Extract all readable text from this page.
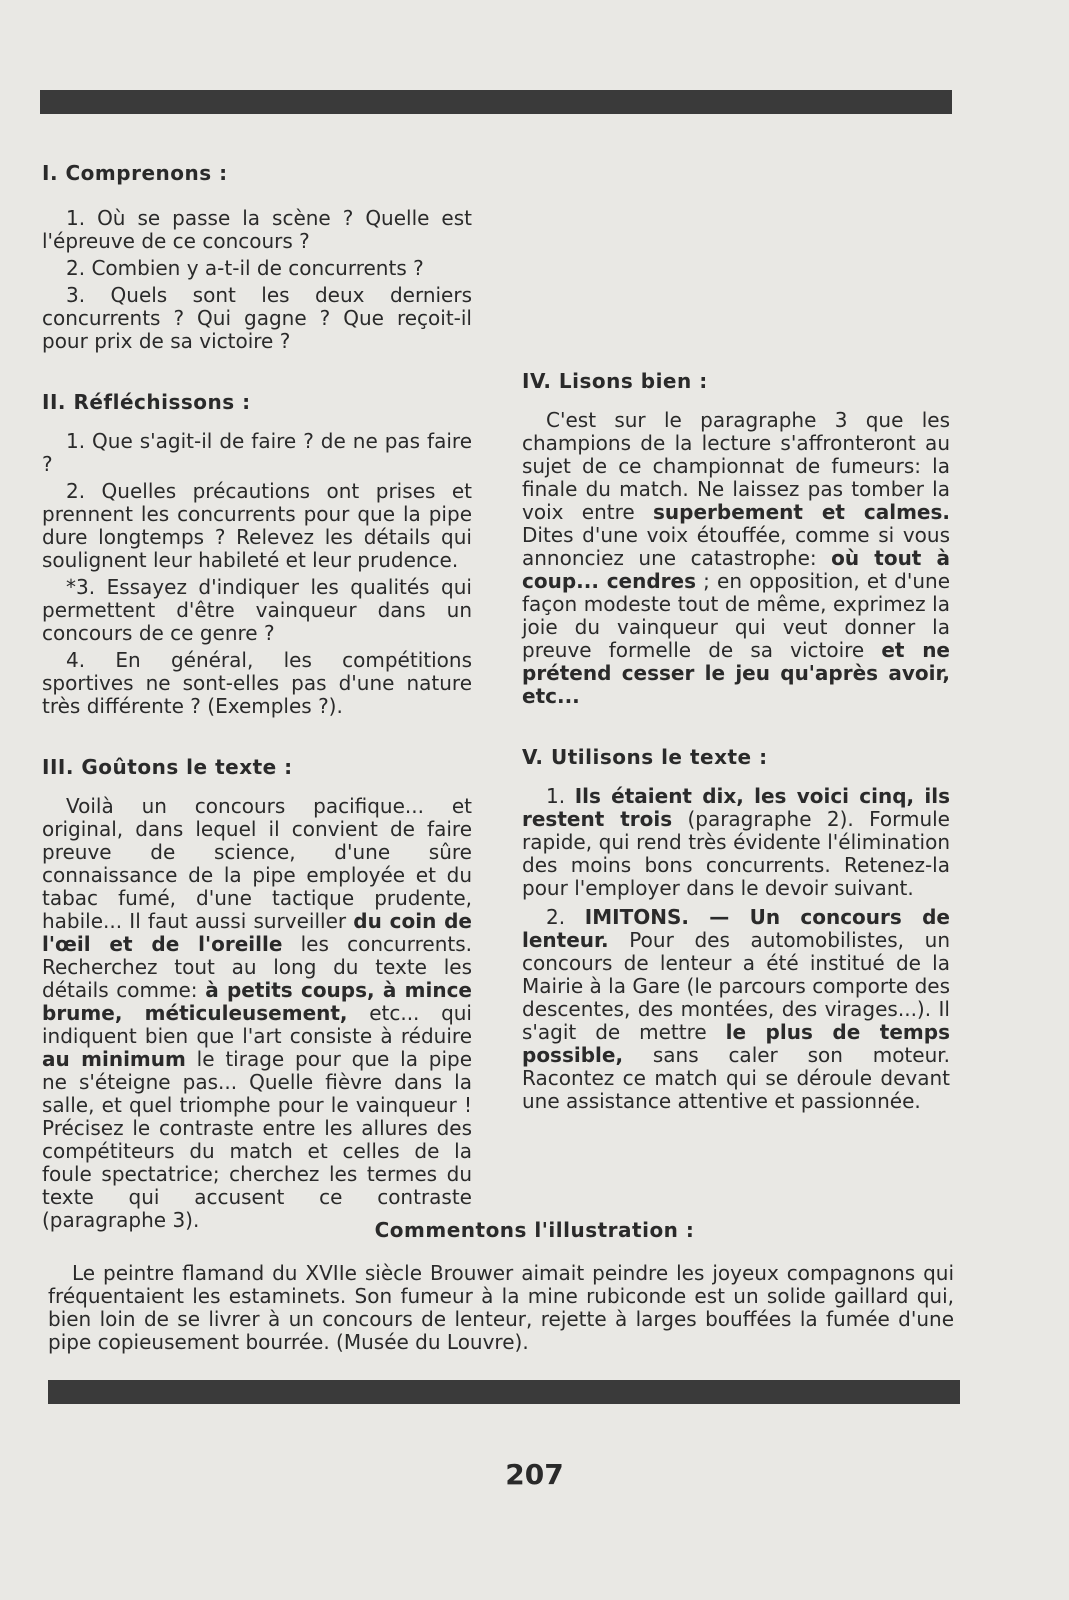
I. Comprenons :

1. Où se passe la scène ? Quelle est l'épreuve de ce concours ?

2. Combien y a-t-il de concurrents ?

3. Quels sont les deux derniers concurrents ? Qui gagne ? Que reçoit-il pour prix de sa victoire ?

II. Réfléchissons :

1. Que s'agit-il de faire ? de ne pas faire ?

2. Quelles précautions ont prises et prennent les concurrents pour que la pipe dure longtemps ? Relevez les détails qui soulignent leur habileté et leur prudence.

*3. Essayez d'indiquer les qualités qui permettent d'être vainqueur dans un concours de ce genre ?

4. En général, les compétitions sportives ne sont-elles pas d'une nature très différente ? (Exemples ?).

III. Goûtons le texte :

Voilà un concours pacifique... et original, dans lequel il convient de faire preuve de science, d'une sûre connaissance de la pipe employée et du tabac fumé, d'une tactique prudente, habile... Il faut aussi surveiller du coin de l'œil et de l'oreille les concurrents. Recherchez tout au long du texte les détails comme: à petits coups, à mince brume, méticuleusement, etc... qui indiquent bien que l'art consiste à réduire au minimum le tirage pour que la pipe ne s'éteigne pas... Quelle fièvre dans la salle, et quel triomphe pour le vainqueur ! Précisez le contraste entre les allures des compétiteurs du match et celles de la foule spectatrice; cherchez les termes du texte qui accusent ce contraste (paragraphe 3).

IV. Lisons bien :

C'est sur le paragraphe 3 que les champions de la lecture s'affronteront au sujet de ce championnat de fumeurs: la finale du match. Ne laissez pas tomber la voix entre superbement et calmes. Dites d'une voix étouffée, comme si vous annonciez une catastrophe: où tout à coup... cendres ; en opposition, et d'une façon modeste tout de même, exprimez la joie du vainqueur qui veut donner la preuve formelle de sa victoire et ne prétend cesser le jeu qu'après avoir, etc...

V. Utilisons le texte :

1. Ils étaient dix, les voici cinq, ils restent trois (paragraphe 2). Formule rapide, qui rend très évidente l'élimination des moins bons concurrents. Retenez-la pour l'employer dans le devoir suivant.

2. IMITONS. — Un concours de lenteur. Pour des automobilistes, un concours de lenteur a été institué de la Mairie à la Gare (le parcours comporte des descentes, des montées, des virages...). Il s'agit de mettre le plus de temps possible, sans caler son moteur. Racontez ce match qui se déroule devant une assistance attentive et passionnée.

Commentons l'illustration :

Le peintre flamand du XVIIe siècle Brouwer aimait peindre les joyeux compagnons qui fréquentaient les estaminets. Son fumeur à la mine rubiconde est un solide gaillard qui, bien loin de se livrer à un concours de lenteur, rejette à larges bouffées la fumée d'une pipe copieusement bourrée. (Musée du Louvre).

207
